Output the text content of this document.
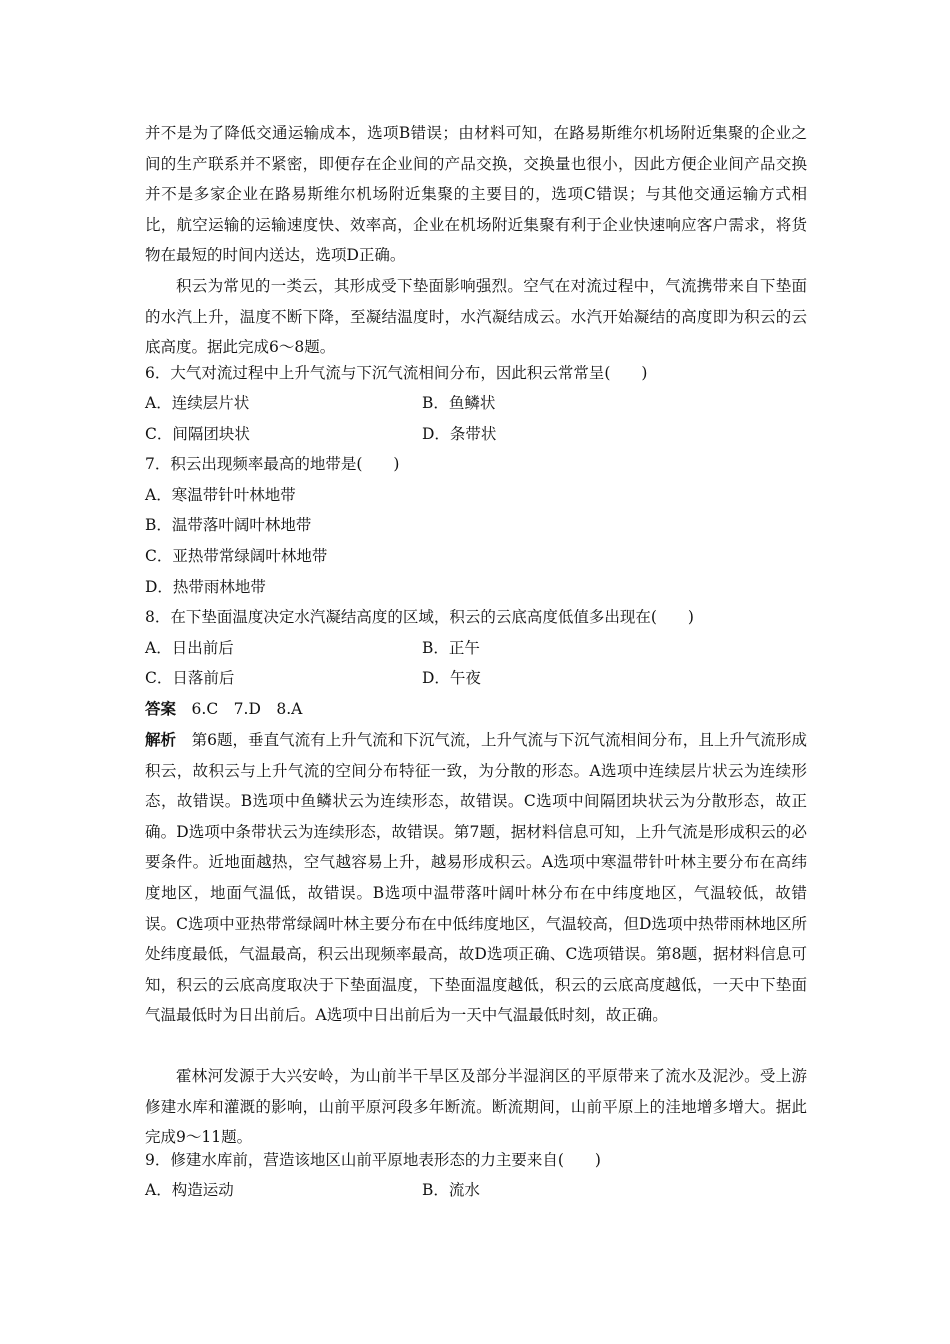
并不是为了降低交通运输成本，选项B错误；由材料可知，在路易斯维尔机场附近集聚的企业之间的生产联系并不紧密，即便存在企业间的产品交换，交换量也很小，因此方便企业间产品交换并不是多家企业在路易斯维尔机场附近集聚的主要目的，选项C错误；与其他交通运输方式相比，航空运输的运输速度快、效率高，企业在机场附近集聚有利于企业快速响应客户需求，将货物在最短的时间内送达，选项D正确。

积云为常见的一类云，其形成受下垫面影响强烈。空气在对流过程中，气流携带来自下垫面的水汽上升，温度不断下降，至凝结温度时，水汽凝结成云。水汽开始凝结的高度即为积云的云底高度。据此完成6～8题。

6．大气对流过程中上升气流与下沉气流相间分布，因此积云常常呈(　　)

A．连续层片状	B．鱼鳞状

C．间隔团块状	D．条带状

7．积云出现频率最高的地带是(　　)

A．寒温带针叶林地带

B．温带落叶阔叶林地带

C．亚热带常绿阔叶林地带

D．热带雨林地带

8．在下垫面温度决定水汽凝结高度的区域，积云的云底高度低值多出现在(　　)

A．日出前后	B．正午

C．日落前后	D．午夜

答案　 6.C　7.D　8.A

解析　 第6题，垂直气流有上升气流和下沉气流，上升气流与下沉气流相间分布，且上升气流形成积云，故积云与上升气流的空间分布特征一致，为分散的形态。A选项中连续层片状云为连续形态，故错误。B选项中鱼鳞状云为连续形态，故错误。C选项中间隔团块状云为分散形态，故正确。D选项中条带状云为连续形态，故错误。第7题，据材料信息可知，上升气流是形成积云的必要条件。近地面越热，空气越容易上升，越易形成积云。A选项中寒温带针叶林主要分布在高纬度地区，地面气温低，故错误。B选项中温带落叶阔叶林分布在中纬度地区，气温较低，故错误。C选项中亚热带常绿阔叶林主要分布在中低纬度地区，气温较高，但D选项中热带雨林地区所处纬度最低，气温最高，积云出现频率最高，故D选项正确、C选项错误。第8题，据材料信息可知，积云的云底高度取决于下垫面温度，下垫面温度越低，积云的云底高度越低，一天中下垫面气温最低时为日出前后。A选项中日出前后为一天中气温最低时刻，故正确。

霍林河发源于大兴安岭，为山前半干旱区及部分半湿润区的平原带来了流水及泥沙。受上游修建水库和灌溉的影响，山前平原河段多年断流。断流期间，山前平原上的洼地增多增大。据此完成9～11题。

9．修建水库前，营造该地区山前平原地表形态的力主要来自(　　)

A．构造运动	B．流水
